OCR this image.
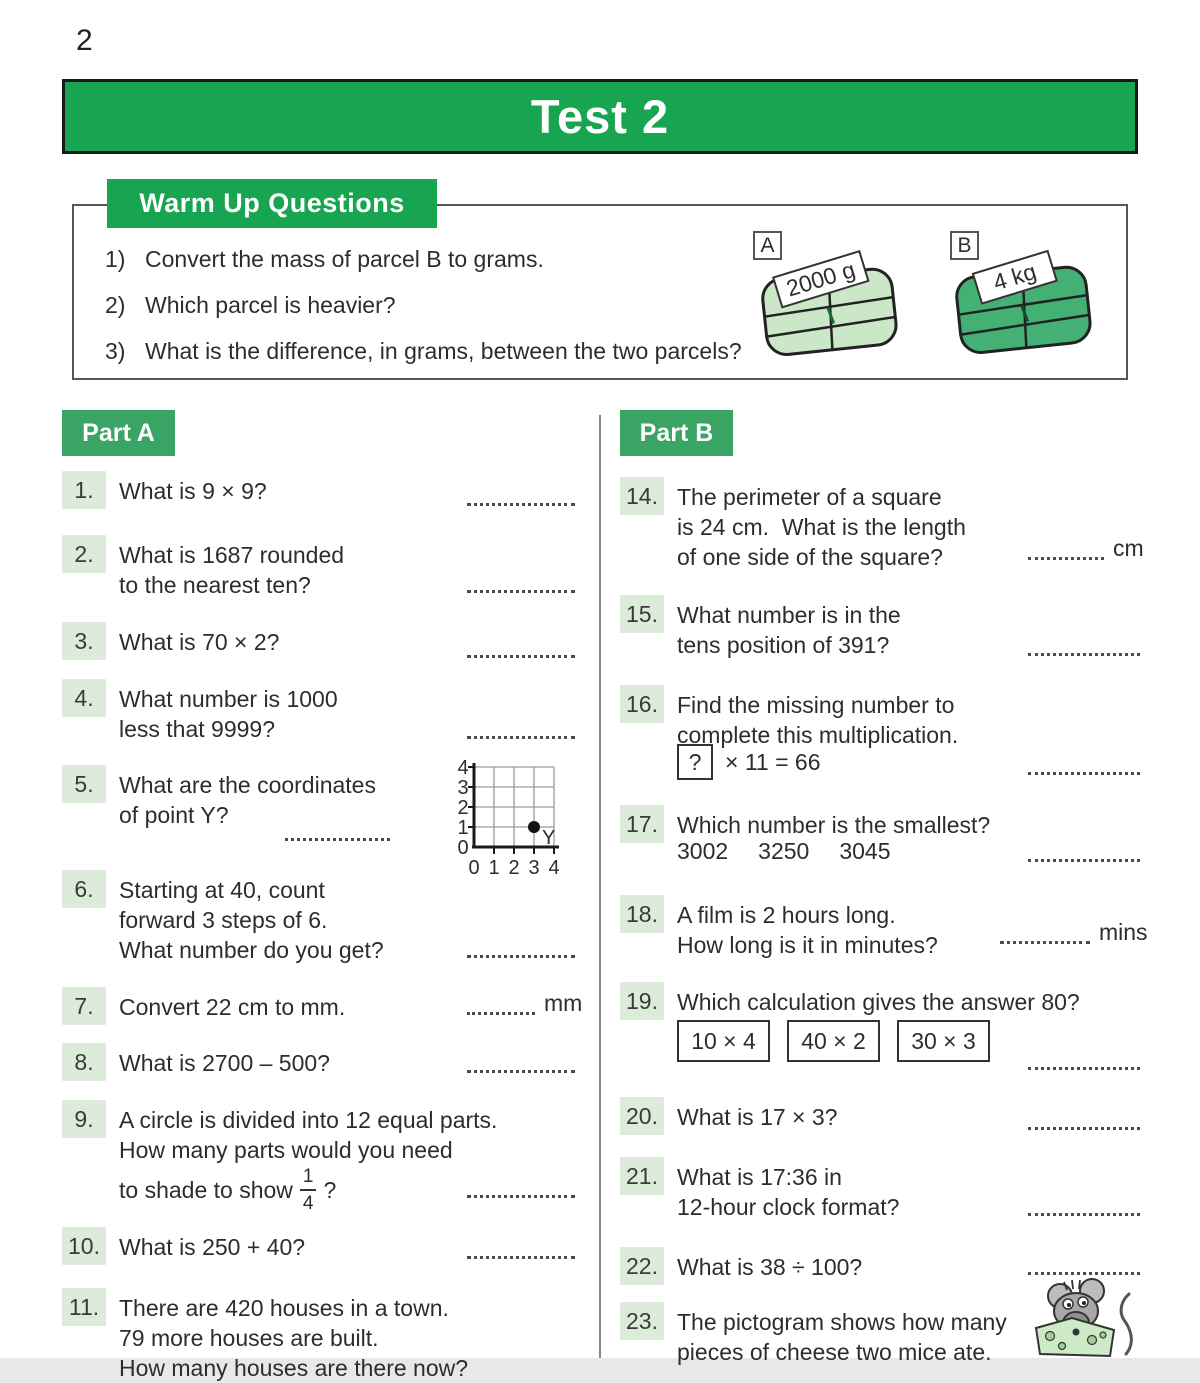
2
Test 2
Warm Up Questions
1) Convert the mass of parcel B to grams.
2) Which parcel is heavier?
3) What is the difference, in grams, between the two parcels?
A
2000 g
B
4 kg
Part A
1.	What is 9 × 9?
2.	What is 1687 rounded
to the nearest ten?
3.	What is 70 × 2?
4.	What number is 1000
less that 9999?
5.	What are the coordinates
of point Y?
4
3
2
1
0
0 1 2 3 4
Y
6.	Starting at 40, count
forward 3 steps of 6.
What number do you get?
7.	Convert 22 cm to mm.	mm
8.	What is 2700 – 500?
9.	A circle is divided into 12 equal parts.
How many parts would you need
to shade to show $\frac{1}{4}$ ?
10. What is 250 + 40?
11. There are 420 houses in a town.
79 more houses are built.
How many houses are there now?
Part B
14. The perimeter of a square
is 24 cm.  What is the length
of one side of the square?	cm
15. What number is in the
tens position of 391?
16. Find the missing number to
complete this multiplication.
?	× 11 = 66
17. Which number is the smallest?
3002 3250 3045
18. A film is 2 hours long.
How long is it in minutes?	mins
19. Which calculation gives the answer 80?
10 × 4	40 × 2	30 × 3
20. What is 17 × 3?
21. What is 17:36 in
12-hour clock format?
22. What is 38 ÷ 100?
23. The pictogram shows how many
pieces of cheese two mice ate.
